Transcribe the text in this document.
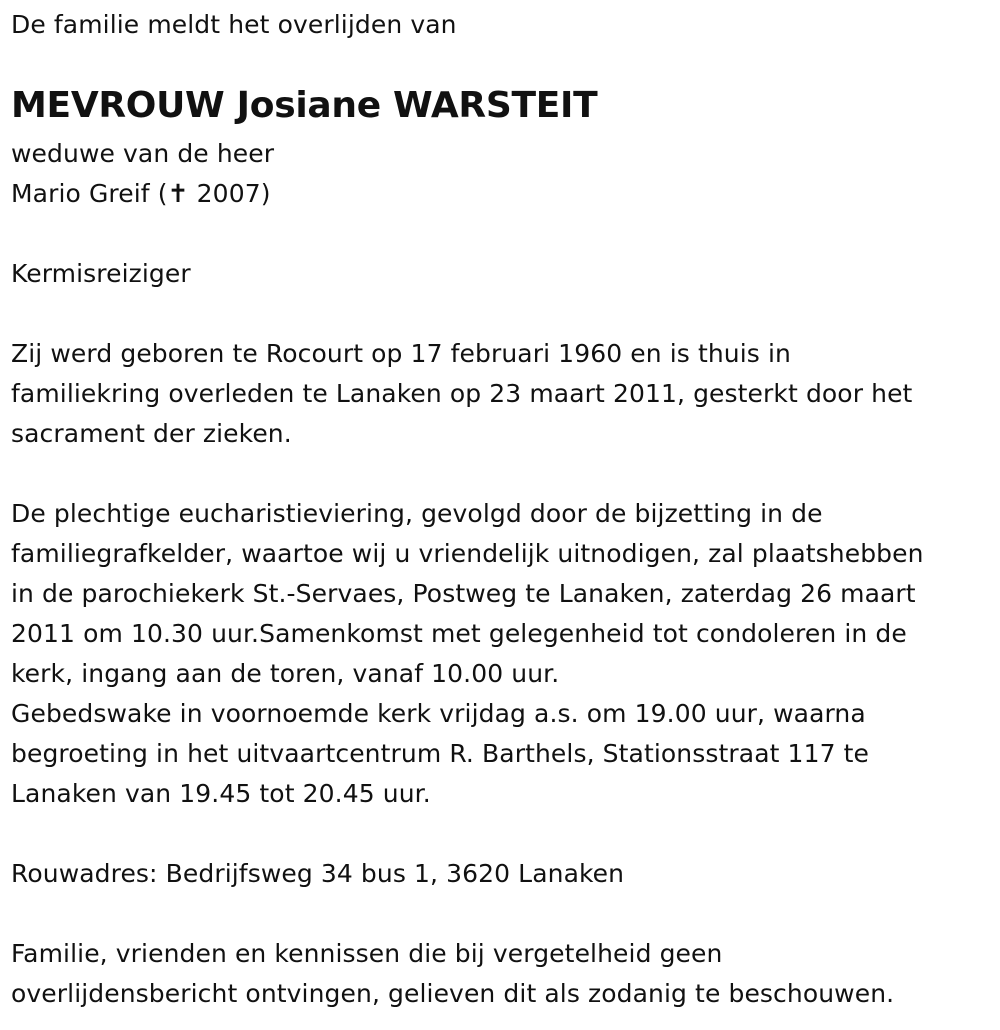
De familie meldt het overlijden van
MEVROUW Josiane WARSTEIT
weduwe van de heer
Mario Greif (✝ 2007)
Kermisreiziger
Zij werd geboren te Rocourt op 17 februari 1960 en is thuis in
familiekring overleden te Lanaken op 23 maart 2011, gesterkt door het
sacrament der zieken.
De plechtige eucharistieviering, gevolgd door de bijzetting in de
familiegrafkelder, waartoe wij u vriendelijk uitnodigen, zal plaatshebben
in de parochiekerk St.-Servaes, Postweg te Lanaken, zaterdag 26 maart
2011 om 10.30 uur.Samenkomst met gelegenheid tot condoleren in de
kerk, ingang aan de toren, vanaf 10.00 uur.
Gebedswake in voornoemde kerk vrijdag a.s. om 19.00 uur, waarna
begroeting in het uitvaartcentrum R. Barthels, Stationsstraat 117 te
Lanaken van 19.45 tot 20.45 uur.
Rouwadres: Bedrijfsweg 34 bus 1, 3620 Lanaken
Familie, vrienden en kennissen die bij vergetelheid geen
overlijdensbericht ontvingen, gelieven dit als zodanig te beschouwen.
